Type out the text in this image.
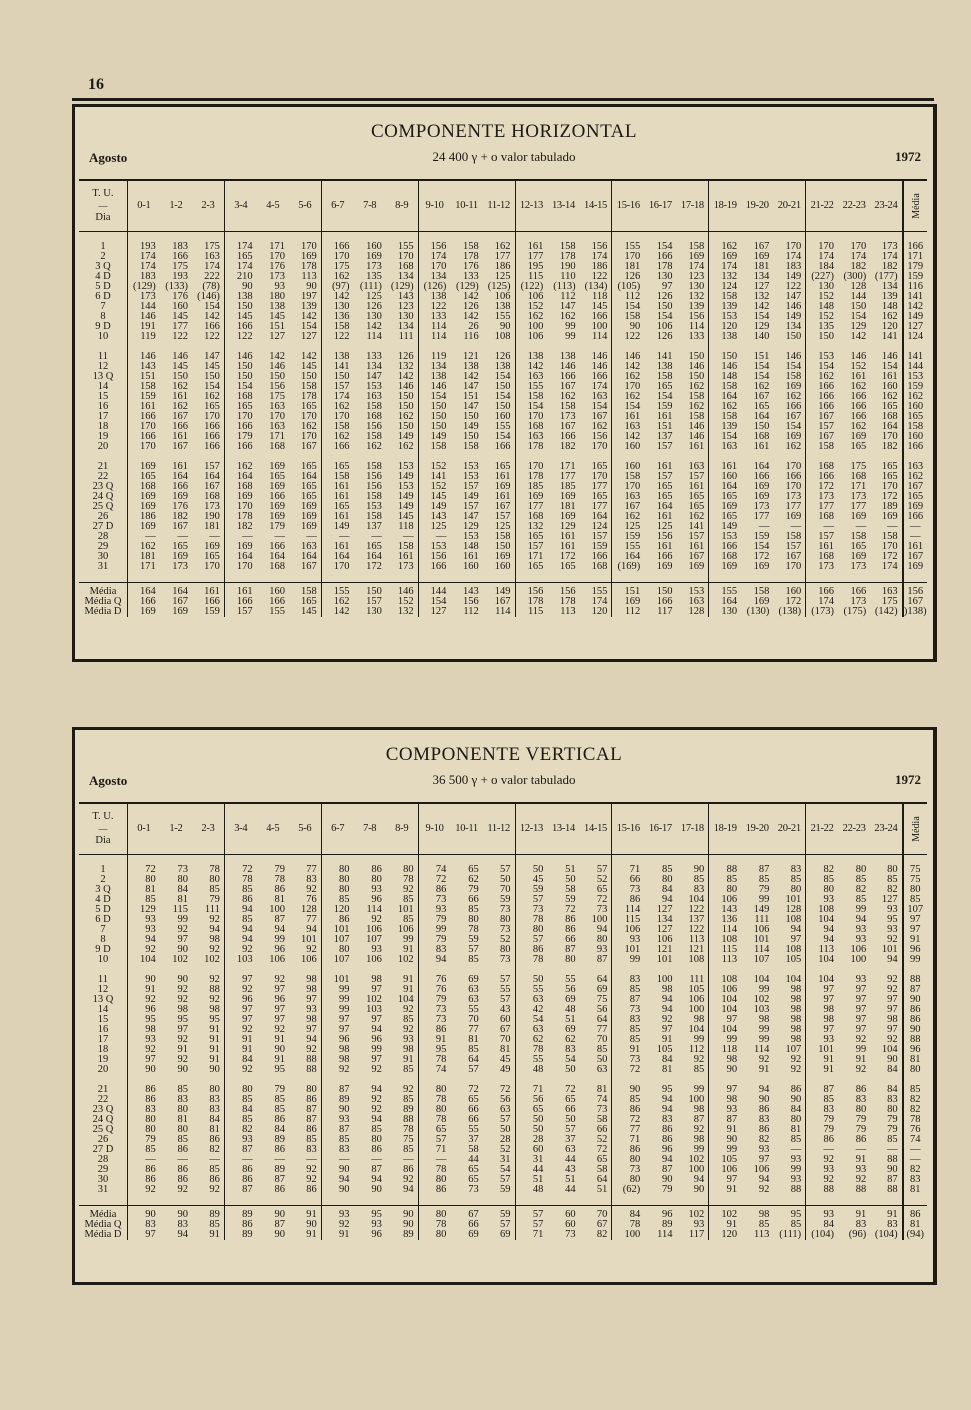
16
COMPONENTE HORIZONTAL
Agosto	24 400 γ + o valor tabulado	1972
T. U.
—
Dia	0-1	1-2	2-3	3-4	4-5	5-6	6-7	7-8	8-9	9-10	10-11	11-12	12-13	13-14	14-15	15-16	16-17	17-18	18-19	19-20	20-21	21-22	22-23	23-24	Média

1	193	183	175	174	171	170	166	160	155	156	158	162	161	158	156	155	154	158	162	167	170	170	170	173	166
2	174	166	163	165	170	169	170	169	170	174	178	177	177	178	174	170	166	169	169	169	174	174	174	174	171
3 Q	174	175	174	174	176	178	175	173	168	170	176	186	195	190	186	181	178	174	174	181	183	184	182	182	179
4 D	183	193	222	210	173	113	162	135	134	134	133	125	115	110	122	126	130	123	132	134	149	(227)	(300)	(177)	159
5 D	(129)	(133)	(78)	90	93	90	(97)	(111)	(129)	(126)	(129)	(125)	(122)	(113)	(134)	(105)	97	130	124	127	122	130	128	134	116
6 D	173	176	(146)	138	180	197	142	125	143	138	142	106	106	112	118	112	126	132	158	132	147	152	144	139	141
7	144	160	154	150	138	139	130	126	123	122	126	138	152	147	145	154	150	139	139	142	146	148	150	148	142
8	146	145	142	145	145	142	136	130	130	133	142	155	162	162	166	158	154	156	153	154	149	152	154	162	149
9 D	191	177	166	166	151	154	158	142	134	114	26	90	100	99	100	90	106	114	120	129	134	135	129	120	127
10	119	122	122	122	127	127	122	114	111	114	116	108	106	99	114	122	126	133	138	140	150	150	142	141	124

11	146	146	147	146	142	142	138	133	126	119	121	126	138	138	146	146	141	150	150	151	146	153	146	146	141
12	143	145	145	150	146	145	141	134	132	134	138	138	142	146	146	142	138	146	146	154	154	154	152	154	144
13 Q	151	150	150	150	150	150	150	147	142	138	142	154	163	166	166	162	158	150	148	154	158	162	161	161	153
14	158	162	154	154	156	158	157	153	146	146	147	150	155	167	174	170	165	162	158	162	169	166	162	160	159
15	159	161	162	168	175	178	174	163	150	154	151	154	158	162	163	162	154	158	164	167	162	166	166	162	162
16	161	162	165	165	163	165	162	158	150	150	147	150	154	158	154	154	159	162	162	165	166	166	166	165	160
17	166	167	170	170	170	170	170	168	162	150	150	160	170	173	167	161	161	158	158	164	167	167	166	168	165
18	170	166	166	166	163	162	158	156	150	150	149	155	168	167	162	163	151	146	139	150	154	157	162	164	158
19	166	161	166	179	171	170	162	158	149	149	150	154	163	166	156	142	137	146	154	168	169	167	169	170	160
20	170	167	166	166	168	167	166	162	162	158	158	166	178	182	170	160	157	161	163	161	162	158	165	182	166

21	169	161	157	162	169	165	165	158	153	152	153	165	170	171	165	160	161	163	161	164	170	168	175	165	163
22	165	164	164	164	165	164	158	156	149	141	153	161	178	177	170	158	157	157	160	166	166	166	168	165	162
23 Q	168	166	167	168	169	165	161	156	153	152	157	169	185	185	177	170	165	161	164	169	170	172	171	170	167
24 Q	169	169	168	169	166	165	161	158	149	145	149	161	169	169	165	163	165	165	165	169	173	173	173	172	165
25 Q	169	176	173	170	169	169	165	153	149	149	157	167	177	181	177	167	164	165	169	173	177	177	177	189	169
26	186	182	190	178	169	169	161	158	145	143	147	157	168	169	164	162	161	162	165	177	169	168	169	169	166
27 D	169	167	181	182	179	169	149	137	118	125	129	125	132	129	124	125	125	141	149	—	—	—	—	—	—
28	—	—	—	—	—	—	—	—	—	—	153	158	165	161	157	159	156	157	153	159	158	157	158	158	—
29	162	165	169	169	166	163	161	165	158	153	148	150	157	161	159	155	161	161	166	154	157	161	165	170	161
30	181	169	165	164	164	164	164	164	161	156	161	169	171	172	166	164	166	167	168	172	167	168	169	172	167
31	171	173	170	170	168	167	170	172	173	166	160	160	165	165	168	(169)	169	169	169	169	170	173	173	174	169

Média	164	164	161	161	160	158	155	150	146	144	143	149	156	156	155	151	150	153	155	158	160	166	166	163	156
Média Q	166	167	166	166	166	165	162	157	152	154	156	167	178	178	174	169	166	163	164	169	172	174	173	175	167
Média D	169	169	159	157	155	145	142	130	132	127	112	114	115	113	120	112	117	128	130	(130)	(138)	(173)	(175)	(142)	)138)
COMPONENTE VERTICAL
Agosto	36 500 γ + o valor tabulado	1972
T. U.
—
Dia	0-1	1-2	2-3	3-4	4-5	5-6	6-7	7-8	8-9	9-10	10-11	11-12	12-13	13-14	14-15	15-16	16-17	17-18	18-19	19-20	20-21	21-22	22-23	23-24	Média

1	72	73	78	72	79	77	80	86	80	74	65	57	50	51	57	71	85	90	88	87	83	82	80	80	75
2	80	80	80	78	78	83	80	80	78	72	62	50	45	50	52	66	80	85	85	85	85	85	85	85	75
3 Q	81	84	85	85	86	92	80	93	92	86	79	70	59	58	65	73	84	83	80	79	80	80	82	82	80
4 D	85	81	79	86	81	76	85	96	85	73	66	59	57	59	72	86	94	104	106	99	101	93	85	127	85
5 D	129	115	111	94	100	128	120	114	101	93	85	73	73	72	73	114	127	122	143	149	128	108	99	93	107
6 D	93	99	92	85	87	77	86	92	85	79	80	80	78	86	100	115	134	137	136	111	108	104	94	95	97
7	93	92	94	94	94	94	101	106	106	99	78	73	80	86	94	106	127	122	114	106	94	94	93	93	97
8	94	97	98	94	99	101	107	107	99	79	59	52	57	66	80	93	106	113	108	101	97	94	93	92	91
9 D	92	90	92	92	96	92	80	93	91	83	57	80	86	87	93	101	121	121	115	114	108	113	106	101	96
10	104	102	102	103	106	106	107	106	102	94	85	73	78	80	87	99	101	108	113	107	105	104	100	94	99

11	90	90	92	97	92	98	101	98	91	76	69	57	50	55	64	83	100	111	108	104	104	104	93	92	88
12	91	92	88	92	97	98	99	97	91	76	63	55	55	56	69	85	98	105	106	99	98	97	97	92	87
13 Q	92	92	92	96	96	97	99	102	104	79	63	57	63	69	75	87	94	106	104	102	98	97	97	97	90
14	96	98	98	97	97	93	99	103	92	73	55	43	42	48	56	73	94	100	104	103	98	98	97	97	86
15	95	95	95	97	97	98	97	97	85	73	70	60	54	51	64	83	92	98	97	98	98	98	97	98	86
16	98	97	91	92	92	97	97	94	92	86	77	67	63	69	77	85	97	104	104	99	98	97	97	97	90
17	93	92	91	91	91	94	96	96	93	91	81	70	62	62	70	85	91	99	99	99	98	93	92	92	88
18	92	91	91	91	90	92	98	99	98	95	85	81	78	83	85	91	105	112	118	114	107	101	99	104	96
19	97	92	91	84	91	88	98	97	91	78	64	45	55	54	50	73	84	92	98	92	92	91	91	90	81
20	90	90	90	92	95	88	92	92	85	74	57	49	48	50	63	72	81	85	90	91	92	91	92	84	80

21	86	85	80	80	79	80	87	94	92	80	72	72	71	72	81	90	95	99	97	94	86	87	86	84	85
22	86	83	83	85	85	86	89	92	85	78	65	56	56	65	74	85	94	100	98	90	90	85	83	83	82
23 Q	83	80	83	84	85	87	90	92	89	80	66	63	65	66	73	86	94	98	93	86	84	83	80	80	82
24 Q	80	81	84	85	86	87	93	94	88	78	66	57	50	50	58	72	83	87	87	83	80	79	79	79	78
25 Q	80	80	81	82	84	86	87	85	78	65	55	50	50	57	66	77	86	92	91	86	81	79	79	79	76
26	79	85	86	93	89	85	85	80	75	57	37	28	28	37	52	71	86	98	90	82	85	86	86	85	74
27 D	85	86	82	87	86	83	83	86	85	71	58	52	60	63	72	86	96	99	99	93	—	—	—	—	—
28	—	—	—	—	—	—	—	—	—	—	44	31	31	44	65	80	94	102	105	97	93	92	91	88	—
29	86	86	85	86	89	92	90	87	86	78	65	54	44	43	58	73	87	100	106	106	99	93	93	90	82
30	86	86	86	86	87	92	94	94	92	80	65	57	51	51	64	80	90	94	97	94	93	92	92	87	83
31	92	92	92	87	86	86	90	90	94	86	73	59	48	44	51	(62)	79	90	91	92	88	88	88	88	81

Média	90	90	89	89	90	91	93	95	90	80	67	59	57	60	70	84	96	102	102	98	95	93	91	91	86
Média Q	83	83	85	86	87	90	92	93	90	78	66	57	57	60	67	78	89	93	91	85	85	84	83	83	81
Média D	97	94	91	89	90	91	91	96	89	80	69	69	71	73	82	100	114	117	120	113	(111)	(104)	(96)	(104)	(94)
